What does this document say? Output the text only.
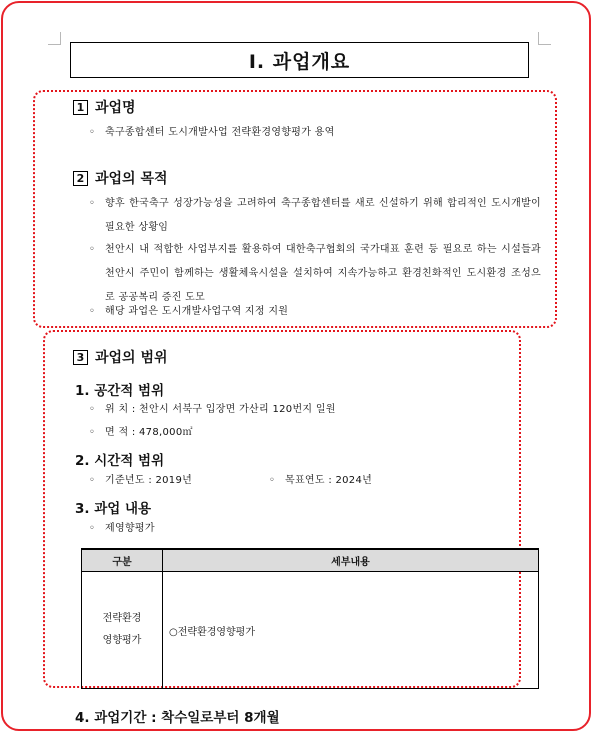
Ⅰ. 과업개요
1 과업명
◦	축구종합센터 도시개발사업 전략환경영향평가 용역
2 과업의 목적
◦	향후 한국축구 성장가능성을 고려하여 축구종합센터를 새로 신설하기 위해 합리적인 도시개발이 필요한 상황임
◦	천안시 내 적합한 사업부지를 활용하여 대한축구협회의 국가대표 훈련 등 필요로 하는 시설들과 천안시 주민이 함께하는 생활체육시설을 설치하여 지속가능하고 환경친화적인 도시환경 조성으로 공공복리 증진 도모
◦	해당 과업은 도시개발사업구역 지정 지원
3 과업의 범위
1. 공간적 범위
◦	위 치 : 천안시 서북구 입장면 가산리 120번지 일원
◦	면 적 : 478,000㎡
2. 시간적 범위
◦	기준년도 : 2019년	◦	목표연도 : 2024년
3. 과업 내용
◦	제영향평가
구분	세부내용

전략환경
영향평가	○전략환경영향평가
4. 과업기간 : 착수일로부터 8개월
